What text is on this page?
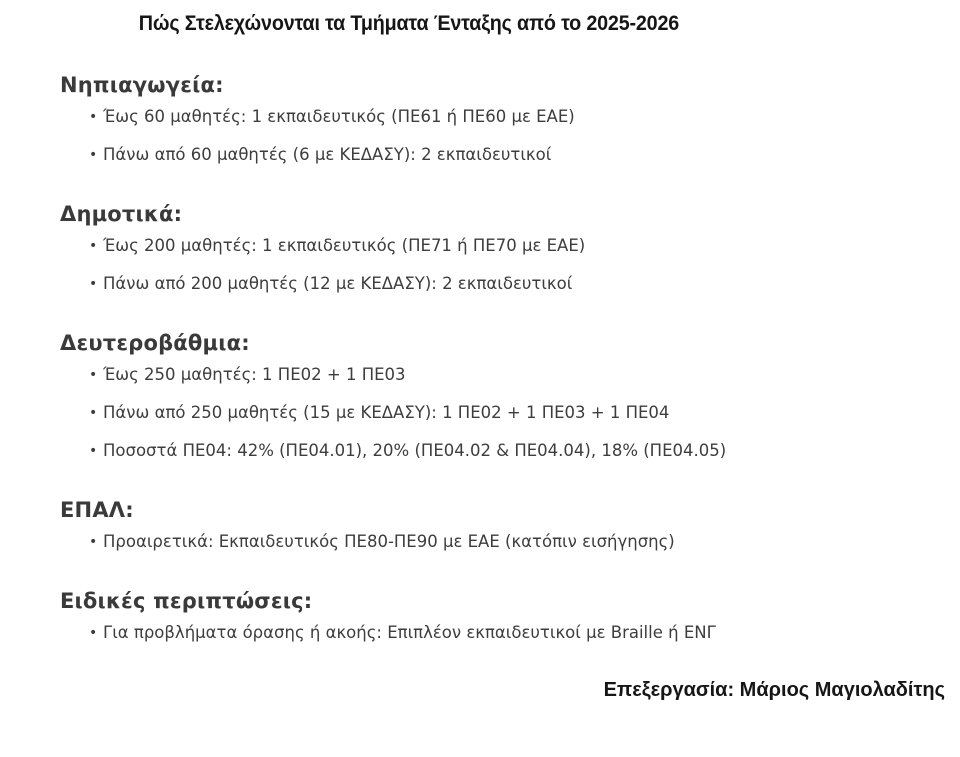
Πώς Στελεχώνονται τα Τμήματα Ένταξης από το 2025-2026
Νηπιαγωγεία:
• Έως 60 μαθητές: 1 εκπαιδευτικός (ΠΕ61 ή ΠΕ60 με ΕΑΕ)
• Πάνω από 60 μαθητές (6 με ΚΕΔΑΣΥ): 2 εκπαιδευτικοί
Δημοτικά:
• Έως 200 μαθητές: 1 εκπαιδευτικός (ΠΕ71 ή ΠΕ70 με ΕΑΕ)
• Πάνω από 200 μαθητές (12 με ΚΕΔΑΣΥ): 2 εκπαιδευτικοί
Δευτεροβάθμια:
• Έως 250 μαθητές: 1 ΠΕ02 + 1 ΠΕ03
• Πάνω από 250 μαθητές (15 με ΚΕΔΑΣΥ): 1 ΠΕ02 + 1 ΠΕ03 + 1 ΠΕ04
• Ποσοστά ΠΕ04: 42% (ΠΕ04.01), 20% (ΠΕ04.02 & ΠΕ04.04), 18% (ΠΕ04.05)
ΕΠΑΛ:
• Προαιρετικά: Εκπαιδευτικός ΠΕ80-ΠΕ90 με ΕΑΕ (κατόπιν εισήγησης)
Ειδικές περιπτώσεις:
• Για προβλήματα όρασης ή ακοής: Επιπλέον εκπαιδευτικοί με Braille ή ΕΝΓ
Επεξεργασία: Μάριος Μαγιολαδίτης
